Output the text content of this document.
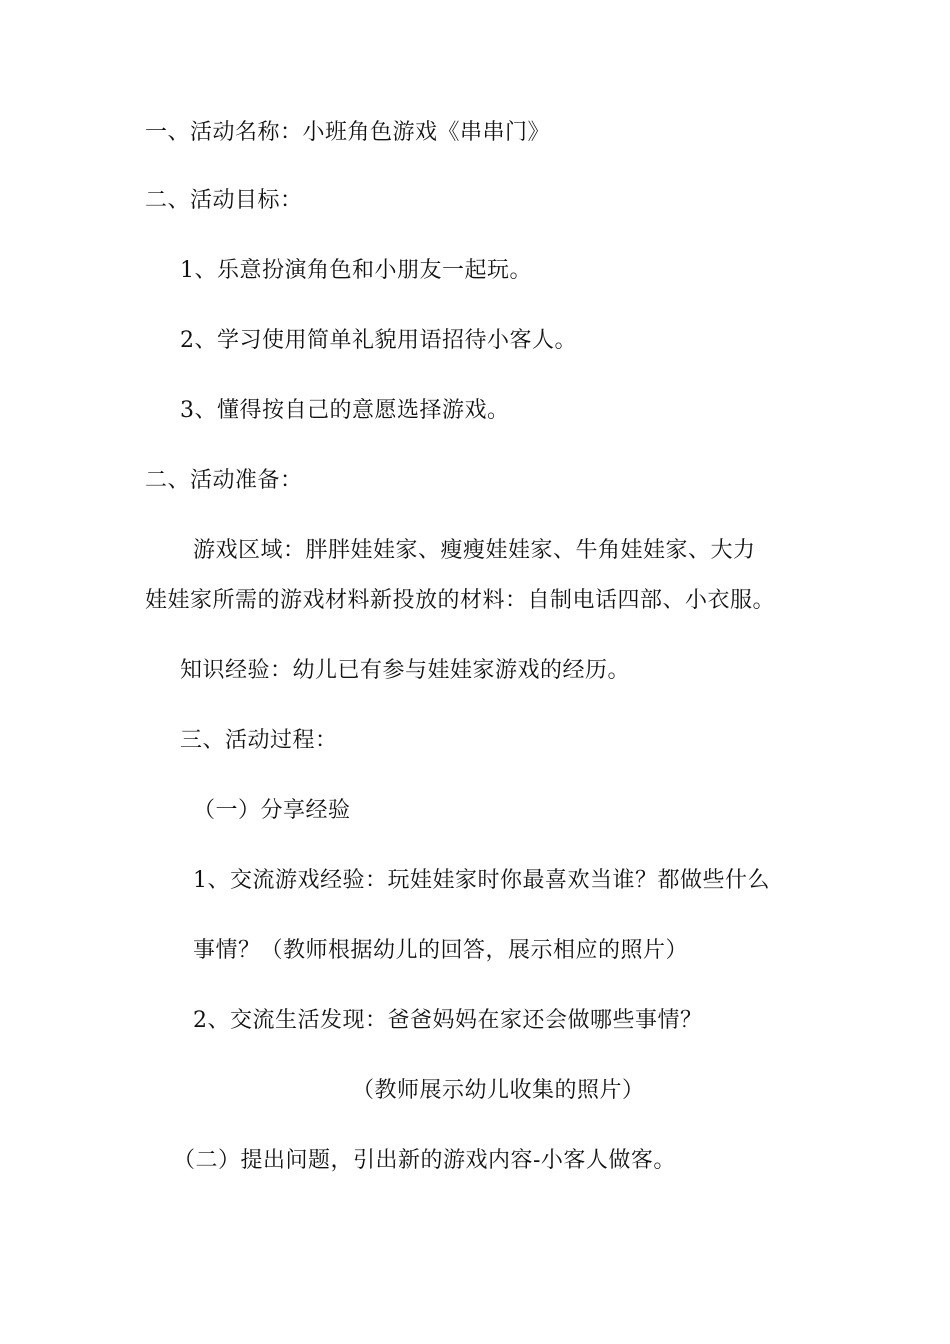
一、活动名称：小班角色游戏《串串门》
二、活动目标：
1、乐意扮演角色和小朋友一起玩。
2、学习使用简单礼貌用语招待小客人。
3、懂得按自己的意愿选择游戏。
二、活动准备：
游戏区域：胖胖娃娃家、瘦瘦娃娃家、牛角娃娃家、大力
娃娃家所需的游戏材料新投放的材料：自制电话四部、小衣服。
知识经验：幼儿已有参与娃娃家游戏的经历。
三、活动过程：
（一）分享经验
1、交流游戏经验：玩娃娃家时你最喜欢当谁？都做些什么
事情？（教师根据幼儿的回答，展示相应的照片）
2、交流生活发现：爸爸妈妈在家还会做哪些事情？
（教师展示幼儿收集的照片）
（二）提出问题，引出新的游戏内容-小客人做客。
